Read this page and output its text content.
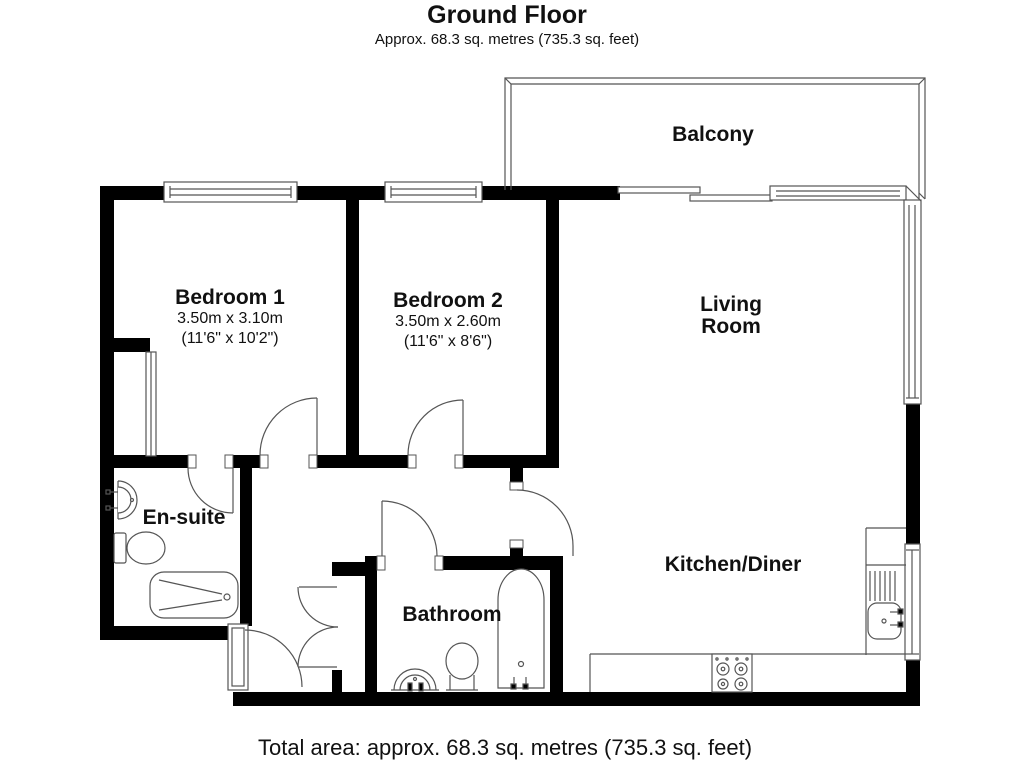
Ground Floor
Approx. 68.3 sq. metres (735.3 sq. feet)
Balcony
Bedroom 1
3.50m x 3.10m
(11'6" x 10'2")
Bedroom 2
3.50m x 2.60m
(11'6" x 8'6")
Living Room
En-suite
Bathroom
Kitchen/Diner
Total area: approx. 68.3 sq. metres (735.3 sq. feet)
